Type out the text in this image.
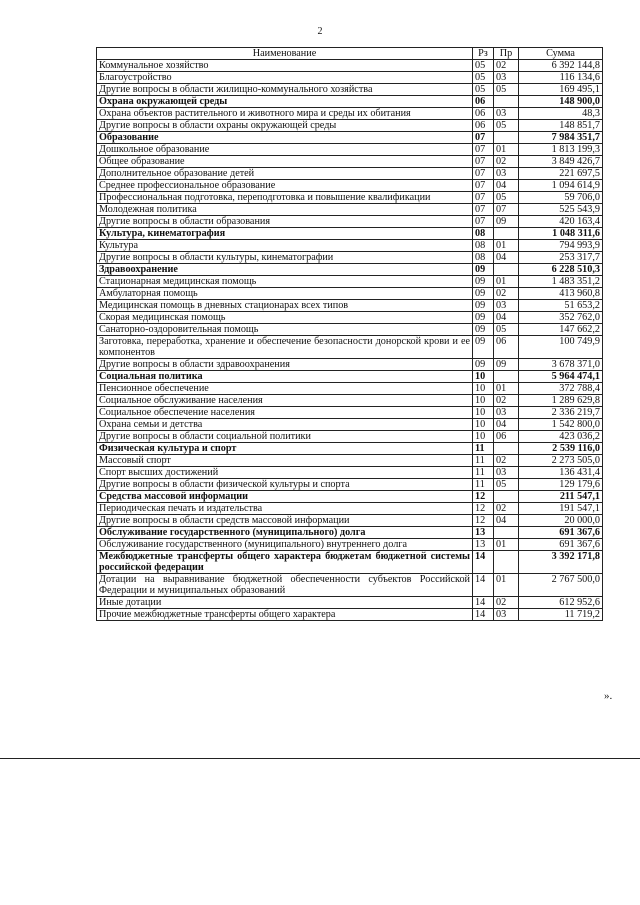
2
Наименование	Рз	Пр	Сумма
Коммунальное хозяйство	05	02	6 392 144,8
Благоустройство	05	03	116 134,6
Другие вопросы в области жилищно-коммунального хозяйства	05	05	169 495,1
Охрана окружающей среды	06		148 900,0
Охрана объектов растительного и животного мира и среды их обитания	06	03	48,3
Другие вопросы в области охраны окружающей среды	06	05	148 851,7
Образование	07		7 984 351,7
Дошкольное образование	07	01	1 813 199,3
Общее образование	07	02	3 849 426,7
Дополнительное образование детей	07	03	221 697,5
Среднее профессиональное образование	07	04	1 094 614,9
Профессиональная подготовка, переподготовка и повышение квалификации	07	05	59 706,0
Молодежная политика	07	07	525 543,9
Другие вопросы в области образования	07	09	420 163,4
Культура, кинематография	08		1 048 311,6
Культура	08	01	794 993,9
Другие вопросы в области культуры, кинематографии	08	04	253 317,7
Здравоохранение	09		6 228 510,3
Стационарная медицинская помощь	09	01	1 483 351,2
Амбулаторная помощь	09	02	413 960,8
Медицинская помощь в дневных стационарах всех типов	09	03	51 653,2
Скорая медицинская помощь	09	04	352 762,0
Санаторно-оздоровительная помощь	09	05	147 662,2
Заготовка, переработка, хранение и обеспечение безопасности донорской крови и ее компонентов	09	06	100 749,9
Другие вопросы в области здравоохранения	09	09	3 678 371,0
Социальная политика	10		5 964 474,1
Пенсионное обеспечение	10	01	372 788,4
Социальное обслуживание населения	10	02	1 289 629,8
Социальное обеспечение населения	10	03	2 336 219,7
Охрана семьи и детства	10	04	1 542 800,0
Другие вопросы в области социальной политики	10	06	423 036,2
Физическая культура и спорт	11		2 539 116,0
Массовый спорт	11	02	2 273 505,0
Спорт высших достижений	11	03	136 431,4
Другие вопросы в области физической культуры и спорта	11	05	129 179,6
Средства массовой информации	12		211 547,1
Периодическая печать и издательства	12	02	191 547,1
Другие вопросы в области средств массовой информации	12	04	20 000,0
Обслуживание государственного (муниципального) долга	13		691 367,6
Обслуживание государственного (муниципального) внутреннего долга	13	01	691 367,6
Межбюджетные трансферты общего характера бюджетам бюджетной системы российской федерации	14		3 392 171,8
Дотации на выравнивание бюджетной обеспеченности субъектов Российской Федерации и муниципальных образований	14	01	2 767 500,0
Иные дотации	14	02	612 952,6
Прочие межбюджетные трансферты общего характера	14	03	11 719,2
».
